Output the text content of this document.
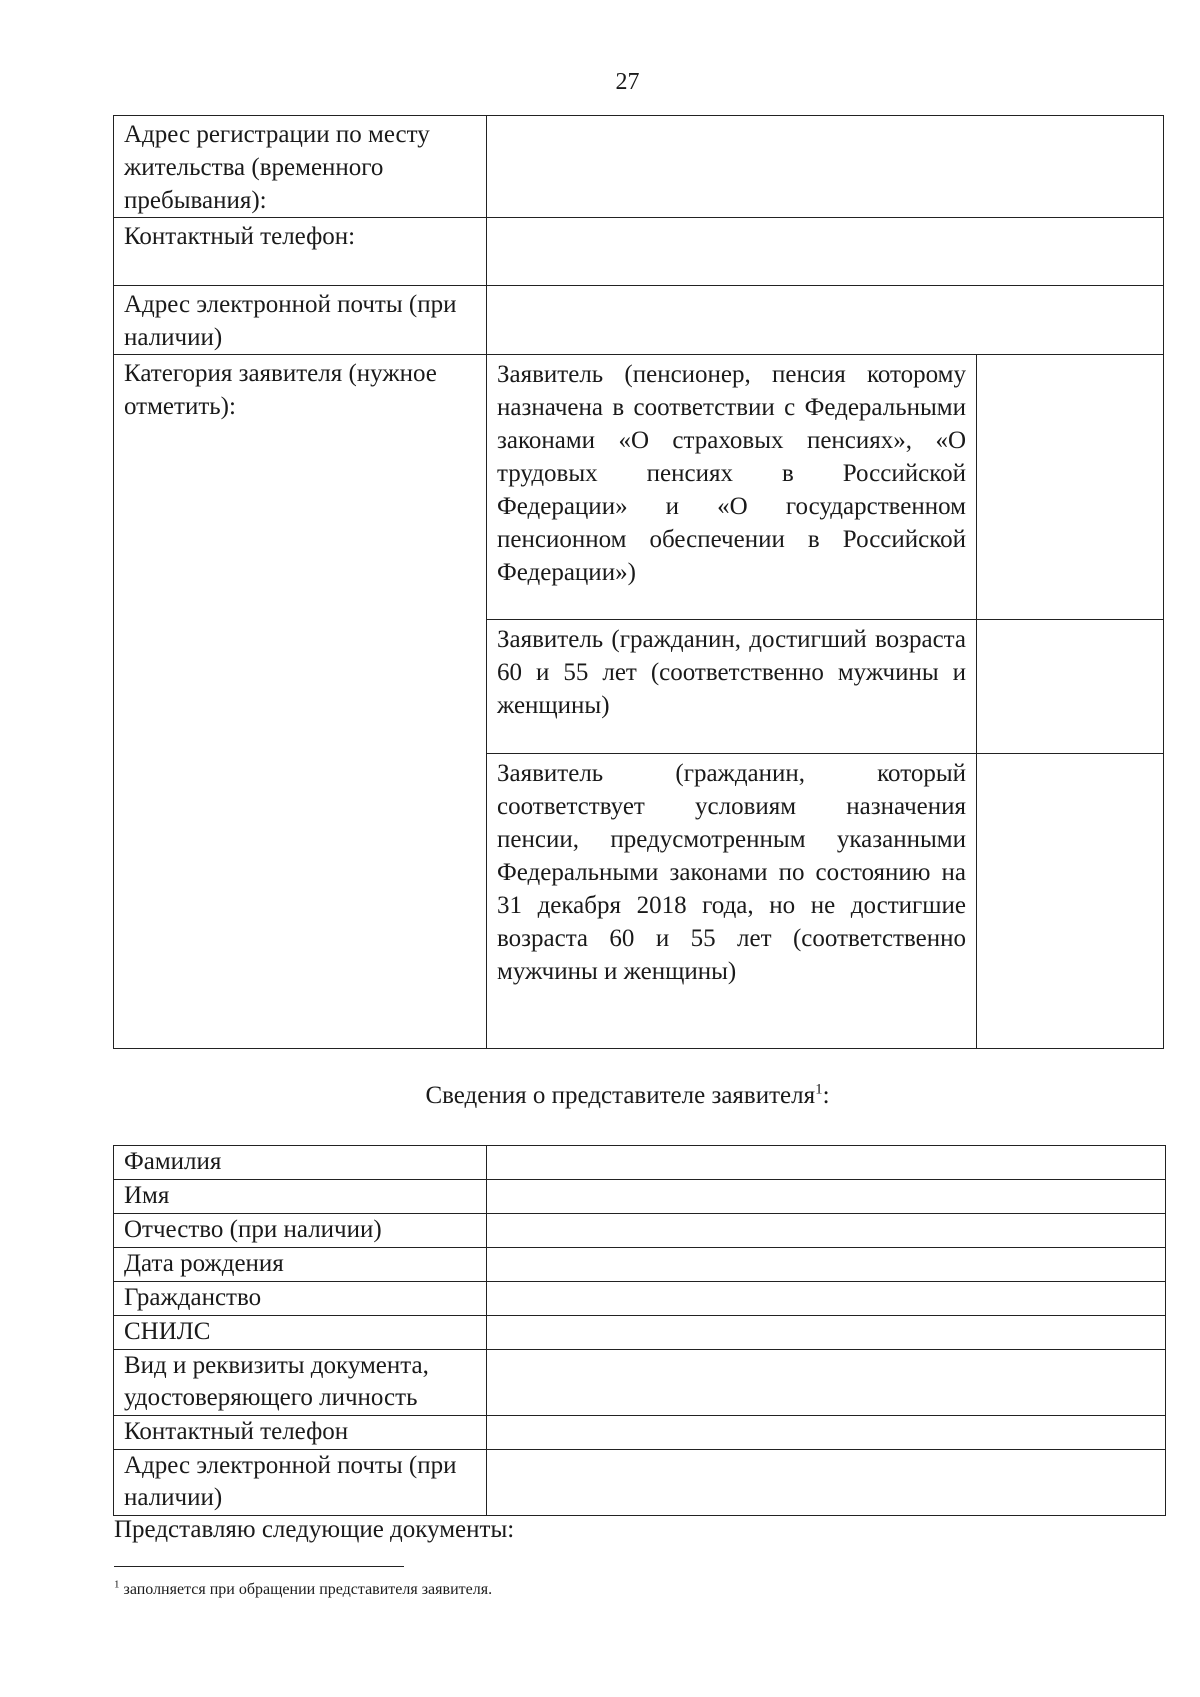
27
Адрес регистрации по месту жительства (временного пребывания):		
Контактный телефон:		
Адрес электронной почты (при наличии)		
Категория заявителя (нужное отметить):	Заявитель (пенсионер, пенсия которому назначена в соответствии с Федеральными законами «О страховых пенсиях», «О трудовых пенсиях в Российской Федерации» и «О государственном пенсионном обеспечении в Российской Федерации»)	
	Заявитель (гражданин, достигший возраста 60 и 55 лет (соответственно мужчины и женщины)	
	Заявитель (гражданин, который соответствует условиям назначения пенсии, предусмотренным указанными Федеральными законами по состоянию на 31 декабря 2018 года, но не достигшие возраста 60 и 55 лет (соответственно мужчины и женщины)	
Сведения о представителе заявителя$^1$:
Фамилия	
Имя	
Отчество (при наличии)	
Дата рождения	
Гражданство	
СНИЛС	
Вид и реквизиты документа, удостоверяющего личность	
Контактный телефон	
Адрес электронной почты (при наличии)	
Представляю следующие документы:
$^1$ заполняется при обращении представителя заявителя.
